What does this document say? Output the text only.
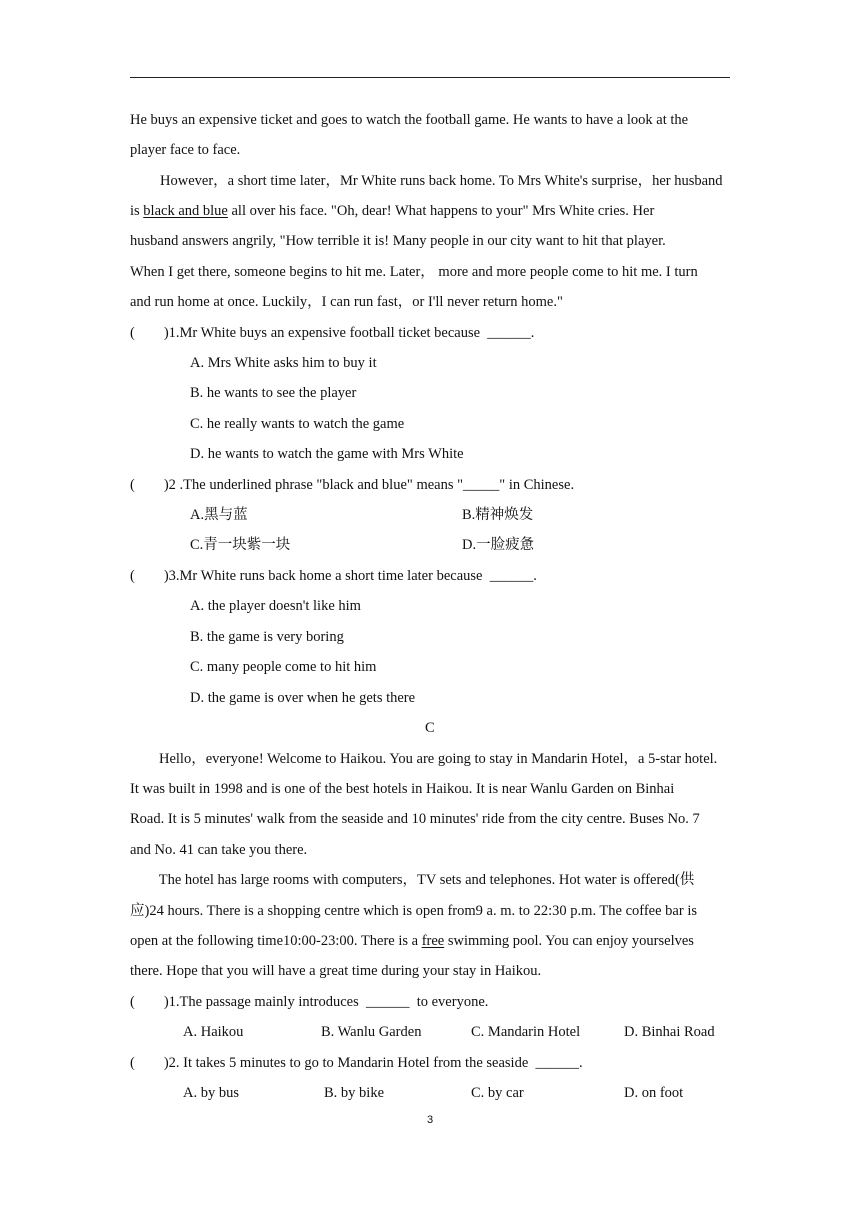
He buys an expensive ticket and goes to watch the football game. He wants to have a look at the
player face to face.
However，a short time later，Mr White runs back home. To Mrs White's surprise，her husband
is black and blue all over his face. "Oh, dear! What happens to your" Mrs White cries. Her
husband answers angrily, "How terrible it is! Many people in our city want to hit that player.
When I get there, someone begins to hit me. Later， more and more people come to hit me. I turn
and run home at once. Luckily，I can run fast，or I'll never return home."
(        )1.Mr White buys an expensive football ticket because  ______.
A. Mrs White asks him to buy it
B. he wants to see the player
C. he really wants to watch the game
D. he wants to watch the game with Mrs White
(        )2 .The underlined phrase "black and blue" means "_____" in Chinese.
A.黑与蓝	B.精神焕发
C.青一块紫一块	D.一脸疲惫
(        )3.Mr White runs back home a short time later because  ______.
A. the player doesn't like him
B. the game is very boring
C. many people come to hit him
D. the game is over when he gets there
C
Hello，everyone! Welcome to Haikou. You are going to stay in Mandarin Hotel，a 5-star hotel.
It was built in 1998 and is one of the best hotels in Haikou. It is near Wanlu Garden on Binhai
Road. It is 5 minutes' walk from the seaside and 10 minutes' ride from the city centre. Buses No. 7
and No. 41 can take you there.
The hotel has large rooms with computers，TV sets and telephones. Hot water is offered(供
应)24 hours. There is a shopping centre which is open from9 a. m. to 22:30 p.m. The coffee bar is
open at the following time10:00-23:00. There is a free swimming pool. You can enjoy yourselves
there. Hope that you will have a great time during your stay in Haikou.
(        )1.The passage mainly introduces  ______  to everyone.
A. Haikou	B. Wanlu Garden	C. Mandarin Hotel	D. Binhai Road
(        )2. It takes 5 minutes to go to Mandarin Hotel from the seaside  ______.
A. by bus	B. by bike	C. by car	D. on foot
3
